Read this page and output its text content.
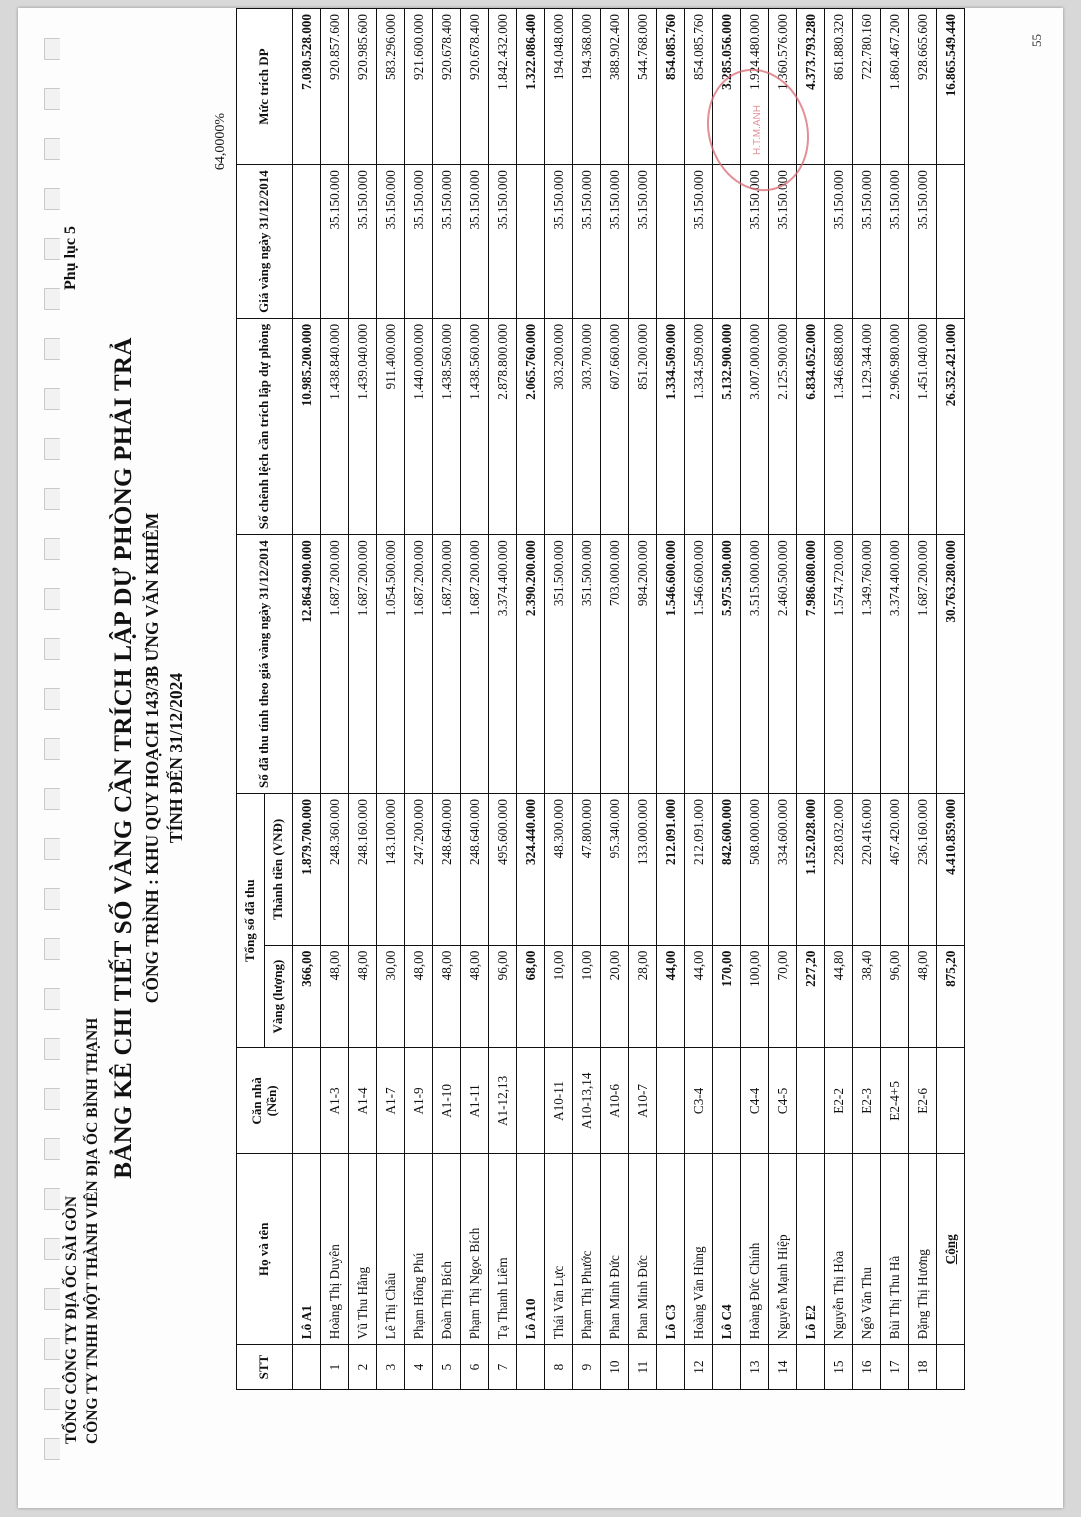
55
TỔNG CÔNG TY ĐỊA ỐC SÀI GÒN CÔNG TY TNHH MỘT THÀNH VIÊN ĐỊA ỐC BÌNH THẠNH
Phụ lục 5
BẢNG KÊ CHI TIẾT SỐ VÀNG CẦN TRÍCH LẬP DỰ PHÒNG PHẢI TRẢ CÔNG TRÌNH : KHU QUY HOẠCH 143/3B ƯNG VĂN KHIÊM TÍNH ĐẾN 31/12/2024
64,0000%
STT	Họ và tên	Căn nhà (Nền)	Tổng số đã thu		Số đã thu tính theo giá vàng ngày 31/12/2014	Số chênh lệch cần trích lập dự phòng	Giá vàng ngày 31/12/2014	Mức trích DP
			Vàng (lượng)	Thành tiền (VNĐ)				
	Lô A1		366,00	1.879.700.000	12.864.900.000	10.985.200.000		7.030.528.000
1	Hoàng Thị Duyên	A1-3	48,00	248.360.000	1.687.200.000	1.438.840.000	35.150.000	920.857.600
2	Vũ Thu Hằng	A1-4	48,00	248.160.000	1.687.200.000	1.439.040.000	35.150.000	920.985.600
3	Lê Thị Châu	A1-7	30,00	143.100.000	1.054.500.000	911.400.000	35.150.000	583.296.000
4	Phạm Hồng Phú	A1-9	48,00	247.200.000	1.687.200.000	1.440.000.000	35.150.000	921.600.000
5	Đoàn Thị Bích	A1-10	48,00	248.640.000	1.687.200.000	1.438.560.000	35.150.000	920.678.400
6	Phạm Thị Ngọc Bích	A1-11	48,00	248.640.000	1.687.200.000	1.438.560.000	35.150.000	920.678.400
7	Tạ Thanh Liêm	A1-12,13	96,00	495.600.000	3.374.400.000	2.878.800.000	35.150.000	1.842.432.000
	Lô A10		68,00	324.440.000	2.390.200.000	2.065.760.000		1.322.086.400
8	Thái Văn Lực	A10-11	10,00	48.300.000	351.500.000	303.200.000	35.150.000	194.048.000
9	Phạm Thị Phước	A10-13,14	10,00	47.800.000	351.500.000	303.700.000	35.150.000	194.368.000
10	Phan Minh Đức	A10-6	20,00	95.340.000	703.000.000	607.660.000	35.150.000	388.902.400
11	Phan Minh Đức	A10-7	28,00	133.000.000	984.200.000	851.200.000	35.150.000	544.768.000
	Lô C3		44,00	212.091.000	1.546.600.000	1.334.509.000		854.085.760
12	Hoàng Văn Hùng	C3-4	44,00	212.091.000	1.546.600.000	1.334.509.000	35.150.000	854.085.760
	Lô C4		170,00	842.600.000	5.975.500.000	5.132.900.000		3.285.056.000
13	Hoàng Đức Chính	C4-4	100,00	508.000.000	3.515.000.000	3.007.000.000	35.150.000	1.924.480.000
14	Nguyễn Mạnh Hiệp	C4-5	70,00	334.600.000	2.460.500.000	2.125.900.000	35.150.000	1.360.576.000
	Lô E2		227,20	1.152.028.000	7.986.080.000	6.834.052.000		4.373.793.280
15	Nguyễn Thị Hòa	E2-2	44,80	228.032.000	1.574.720.000	1.346.688.000	35.150.000	861.880.320
16	Ngô Văn Thu	E2-3	38,40	220.416.000	1.349.760.000	1.129.344.000	35.150.000	722.780.160
17	Bùi Thị Thu Hà	E2-4+5	96,00	467.420.000	3.374.400.000	2.906.980.000	35.150.000	1.860.467.200
18	Đặng Thị Hương	E2-6	48,00	236.160.000	1.687.200.000	1.451.040.000	35.150.000	928.665.600
	Cộng		875,20	4.410.859.000	30.763.280.000	26.352.421.000		16.865.549.440
H.T.M.ANH
